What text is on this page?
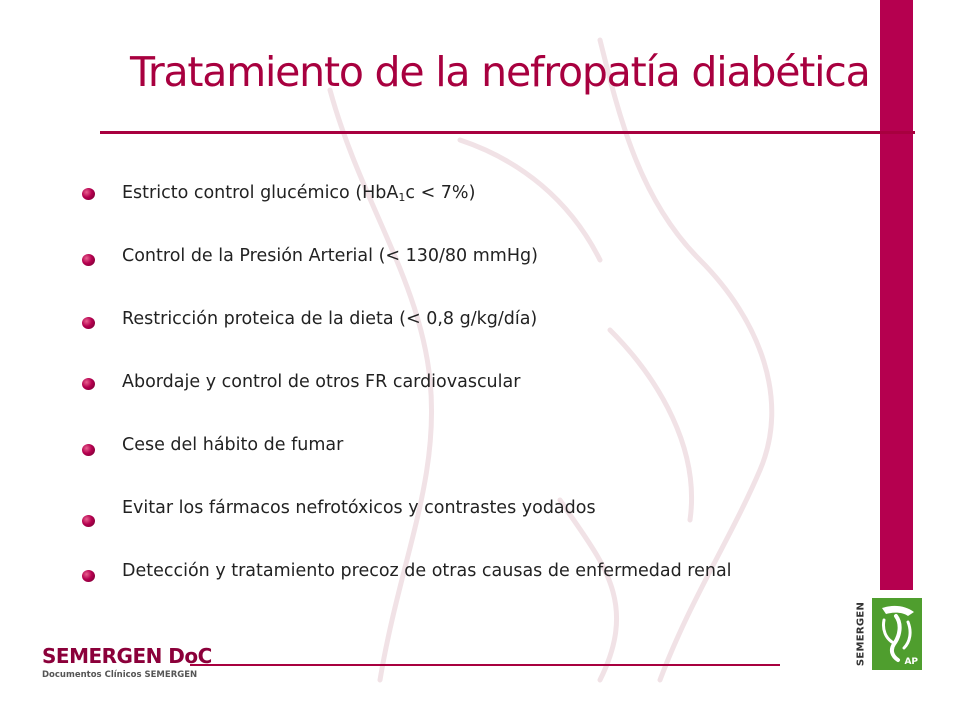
Tratamiento de la nefropatía diabética
Estricto control glucémico (HbA$_1$c < 7%)
Control de la Presión Arterial (< 130/80 mmHg)
Restricción proteica de la dieta (< 0,8 g/kg/día)
Abordaje y control de otros FR cardiovascular
Cese del hábito de fumar
Evitar los fármacos nefrotóxicos y contrastes yodados
Detección y tratamiento precoz de otras causas de enfermedad renal
SEMERGEN DoC
Documentos Clínicos SEMERGEN
SEMERGEN	AP
